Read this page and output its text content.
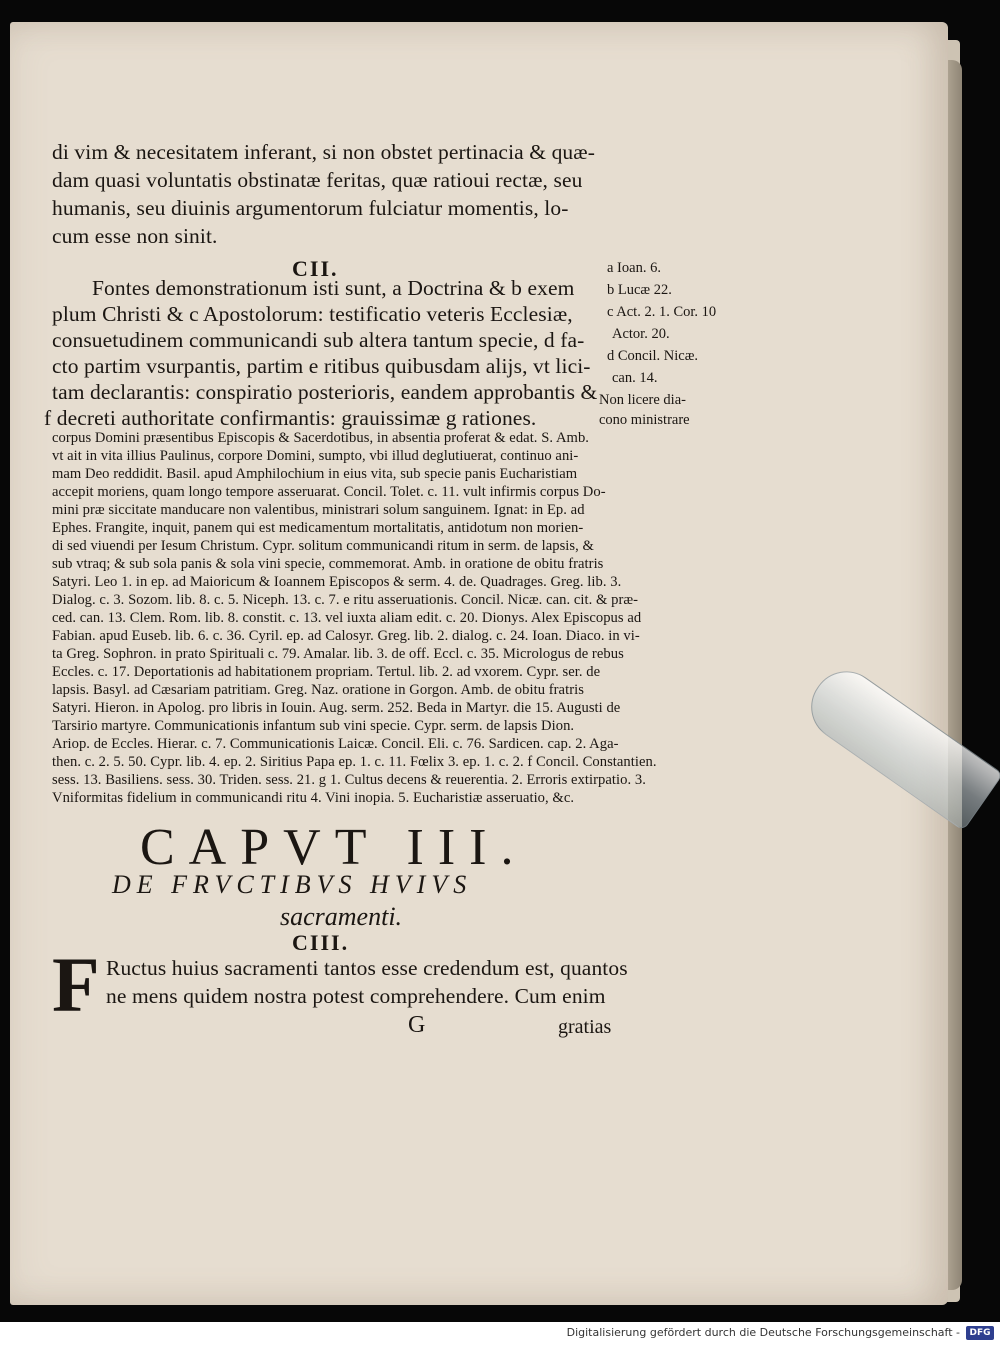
di vim & necesitatem inferant, si non obstet pertinacia & quæ-

dam quasi voluntatis obstinatæ feritas, quæ ratioui rectæ, seu

humanis, seu diuinis argumentorum fulciatur momentis, lo-

cum esse non sinit.

CII.

Fontes demonstrationum isti sunt, a Doctrina & b exem

plum Christi & c Apostolorum: testificatio veteris Ecclesiæ,

consuetudinem communicandi sub altera tantum specie, d fa-

cto partim vsurpantis, partim e ritibus quibusdam alijs, vt lici-

tam declarantis: conspiratio posterioris, eandem approbantis &

f decreti authoritate confirmantis: grauissimæ g rationes.

a Ioan. 6.

b Lucæ 22.

c Act. 2. 1. Cor. 10

Actor. 20.

d Concil. Nicæ.

can. 14.

Non licere dia-

cono ministrare

corpus Domini præsentibus Episcopis & Sacerdotibus, in absentia proferat & edat. S. Amb.

vt ait in vita illius Paulinus, corpore Domini, sumpto, vbi illud deglutiuerat, continuo ani-

mam Deo reddidit. Basil. apud Amphilochium in eius vita, sub specie panis Eucharistiam

accepit moriens, quam longo tempore asseruarat. Concil. Tolet. c. 11. vult infirmis corpus Do-

mini præ siccitate manducare non valentibus, ministrari solum sanguinem. Ignat: in Ep. ad

Ephes. Frangite, inquit, panem qui est medicamentum mortalitatis, antidotum non morien-

di sed viuendi per Iesum Christum. Cypr. solitum communicandi ritum in serm. de lapsis, &

sub vtraq; & sub sola panis & sola vini specie, commemorat. Amb. in oratione de obitu fratris

Satyri. Leo 1. in ep. ad Maioricum & Ioannem Episcopos & serm. 4. de. Quadrages. Greg. lib. 3.

Dialog. c. 3. Sozom. lib. 8. c. 5. Niceph. 13. c. 7. e ritu asseruationis. Concil. Nicæ. can. cit. & præ-

ced. can. 13. Clem. Rom. lib. 8. constit. c. 13. vel iuxta aliam edit. c. 20. Dionys. Alex Episcopus ad

Fabian. apud Euseb. lib. 6. c. 36. Cyril. ep. ad Calosyr. Greg. lib. 2. dialog. c. 24. Ioan. Diaco. in vi-

ta Greg. Sophron. in prato Spirituali c. 79. Amalar. lib. 3. de off. Eccl. c. 35. Micrologus de rebus

Eccles. c. 17. Deportationis ad habitationem propriam. Tertul. lib. 2. ad vxorem. Cypr. ser. de

lapsis. Basyl. ad Cæsariam patritiam. Greg. Naz. oratione in Gorgon. Amb. de obitu fratris

Satyri. Hieron. in Apolog. pro libris in Iouin. Aug. serm. 252. Beda in Martyr. die 15. Augusti de

Tarsirio martyre. Communicationis infantum sub vini specie. Cypr. serm. de lapsis Dion.

Ariop. de Eccles. Hierar. c. 7. Communicationis Laicæ. Concil. Eli. c. 76. Sardicen. cap. 2. Aga-

then. c. 2. 5. 50. Cypr. lib. 4. ep. 2. Siritius Papa ep. 1. c. 11. Fœlix 3. ep. 1. c. 2. f Concil. Constantien.

sess. 13. Basiliens. sess. 30. Triden. sess. 21. g 1. Cultus decens & reuerentia. 2. Erroris extirpatio. 3.

Vniformitas fidelium in communicandi ritu 4. Vini inopia. 5. Eucharistiæ asseruatio, &c.

CAPVT III.
DE FRVCTIBVS HVIVS
sacramenti.
CIII.
F Ructus huius sacramenti tantos esse credendum est, quantos

ne mens quidem nostra potest comprehendere. Cum enim

G	gratias
Digitalisierung gefördert durch die Deutsche Forschungsgemeinschaft -	DFG
